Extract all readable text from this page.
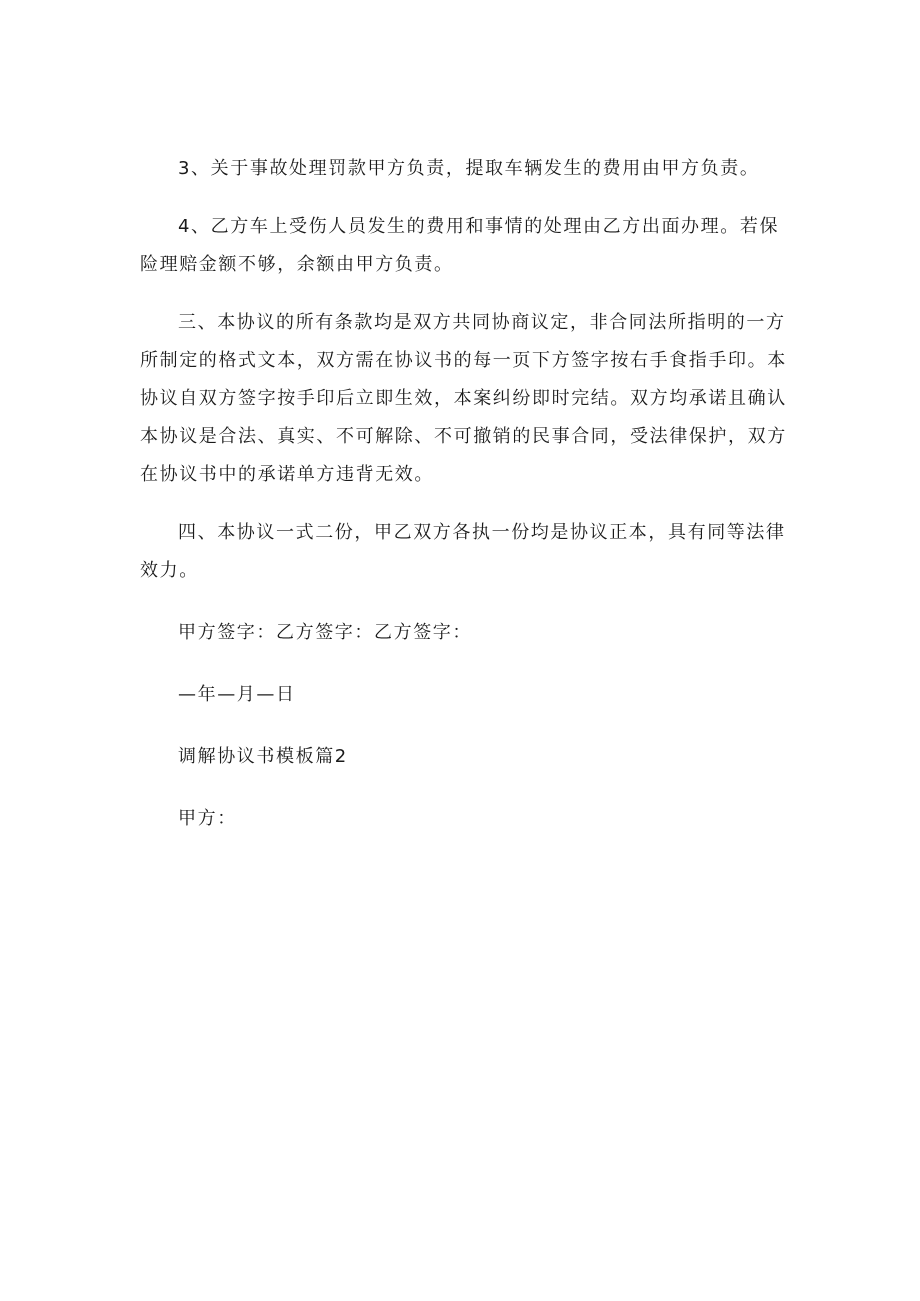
3、关于事故处理罚款甲方负责，提取车辆发生的费用由甲方负责。

4、乙方车上受伤人员发生的费用和事情的处理由乙方出面办理。若保险理赔金额不够，余额由甲方负责。

三、本协议的所有条款均是双方共同协商议定，非合同法所指明的一方所制定的格式文本，双方需在协议书的每一页下方签字按右手食指手印。本协议自双方签字按手印后立即生效，本案纠纷即时完结。双方均承诺且确认本协议是合法、真实、不可解除、不可撤销的民事合同，受法律保护，双方在协议书中的承诺单方违背无效。

四、本协议一式二份，甲乙双方各执一份均是协议正本，具有同等法律效力。

甲方签字：乙方签字：乙方签字：

—年—月—日

调解协议书模板篇2

甲方：
